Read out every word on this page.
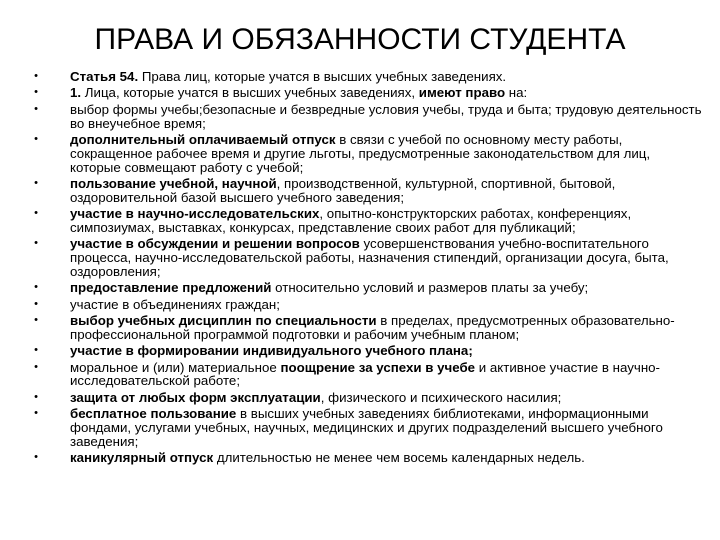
ПРАВА И ОБЯЗАННОСТИ СТУДЕНТА
• Статья 54. Права лиц, которые учатся в высших учебных заведениях.
• 1. Лица, которые учатся в высших учебных заведениях, имеют право на:
• выбор формы учебы;безопасные и безвредные условия учебы, труда и быта; трудовую деятельность во внеучебное время;
• дополнительный оплачиваемый отпуск в связи с учебой по основному месту работы, сокращенное рабочее время и другие льготы, предусмотренные законодательством для лиц, которые совмещают работу с учебой;
• пользование учебной, научной, производственной, культурной, спортивной, бытовой, оздоровительной базой высшего учебного заведения;
• участие в научно-исследовательских, опытно-конструкторских работах, конференциях, симпозиумах, выставках, конкурсах, представление своих работ для публикаций;
• участие в обсуждении и решении вопросов усовершенствования учебно-воспитательного процесса, научно-исследовательской работы, назначения стипендий, организации досуга, быта, оздоровления;
• предоставление предложений относительно условий и размеров платы за учебу;
• участие в объединениях граждан;
• выбор учебных дисциплин по специальности в пределах, предусмотренных образовательно-профессиональной программой подготовки и рабочим учебным планом;
• участие в формировании индивидуального учебного плана;
• моральное и (или) материальное поощрение за успехи в учебе и активное участие в научно-исследовательской работе;
• защита от любых форм эксплуатации, физического и психического насилия;
• бесплатное пользование в высших учебных заведениях библиотеками, информационными фондами, услугами учебных, научных, медицинских и других подразделений высшего учебного заведения;
• каникулярный отпуск длительностью не менее чем восемь календарных недель.
